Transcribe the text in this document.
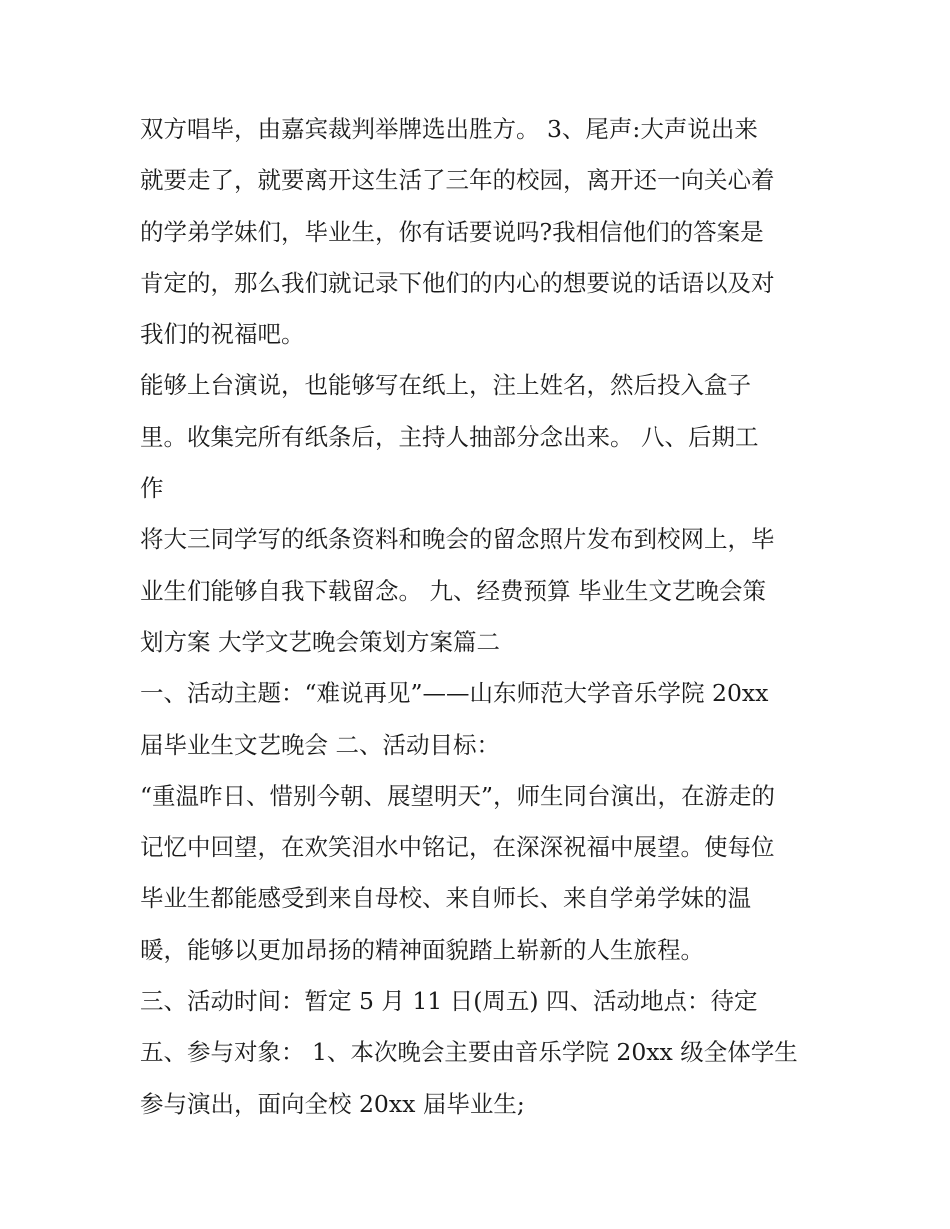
双方唱毕，由嘉宾裁判举牌选出胜方。 3、尾声:大声说出来
就要走了，就要离开这生活了三年的校园，离开还一向关心着
的学弟学妹们，毕业生，你有话要说吗?我相信他们的答案是
肯定的，那么我们就记录下他们的内心的想要说的话语以及对
我们的祝福吧。
能够上台演说，也能够写在纸上，注上姓名，然后投入盒子
里。收集完所有纸条后，主持人抽部分念出来。 八、后期工
作
将大三同学写的纸条资料和晚会的留念照片发布到校网上，毕
业生们能够自我下载留念。 九、经费预算 毕业生文艺晚会策
划方案 大学文艺晚会策划方案篇二
一、活动主题：“难说再见”——山东师范大学音乐学院 20xx
届毕业生文艺晚会 二、活动目标：
“重温昨日、惜别今朝、展望明天”，师生同台演出，在游走的
记忆中回望，在欢笑泪水中铭记，在深深祝福中展望。使每位
毕业生都能感受到来自母校、来自师长、来自学弟学妹的温
暖，能够以更加昂扬的精神面貌踏上崭新的人生旅程。
三、活动时间：暂定 5 月 11 日(周五) 四、活动地点：待定
五、参与对象： 1、本次晚会主要由音乐学院 20xx 级全体学生
参与演出，面向全校 20xx 届毕业生;
